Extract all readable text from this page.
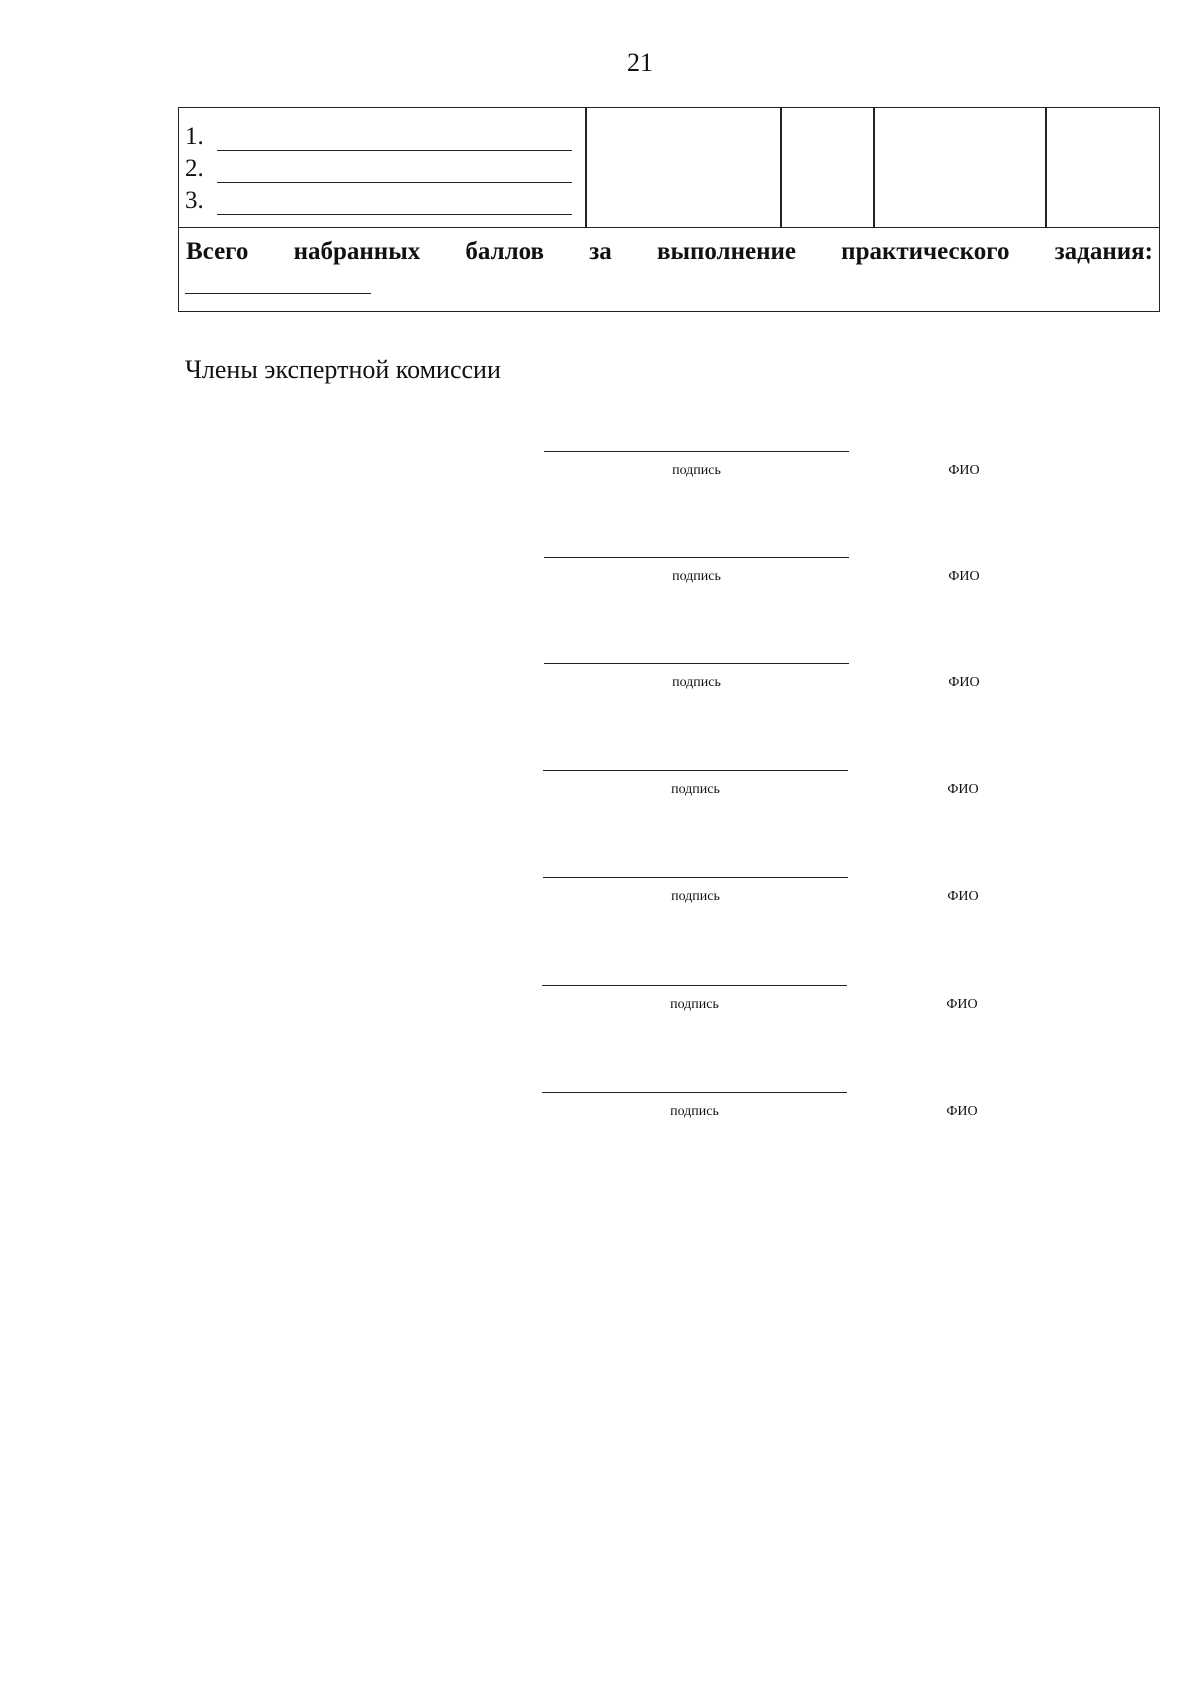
21
1.
2.
3.
Всего набранных баллов за выполнение практического задания:
Члены экспертной комиссии
подпись	ФИО
подпись	ФИО
подпись	ФИО
подпись	ФИО
подпись	ФИО
подпись	ФИО
подпись	ФИО
